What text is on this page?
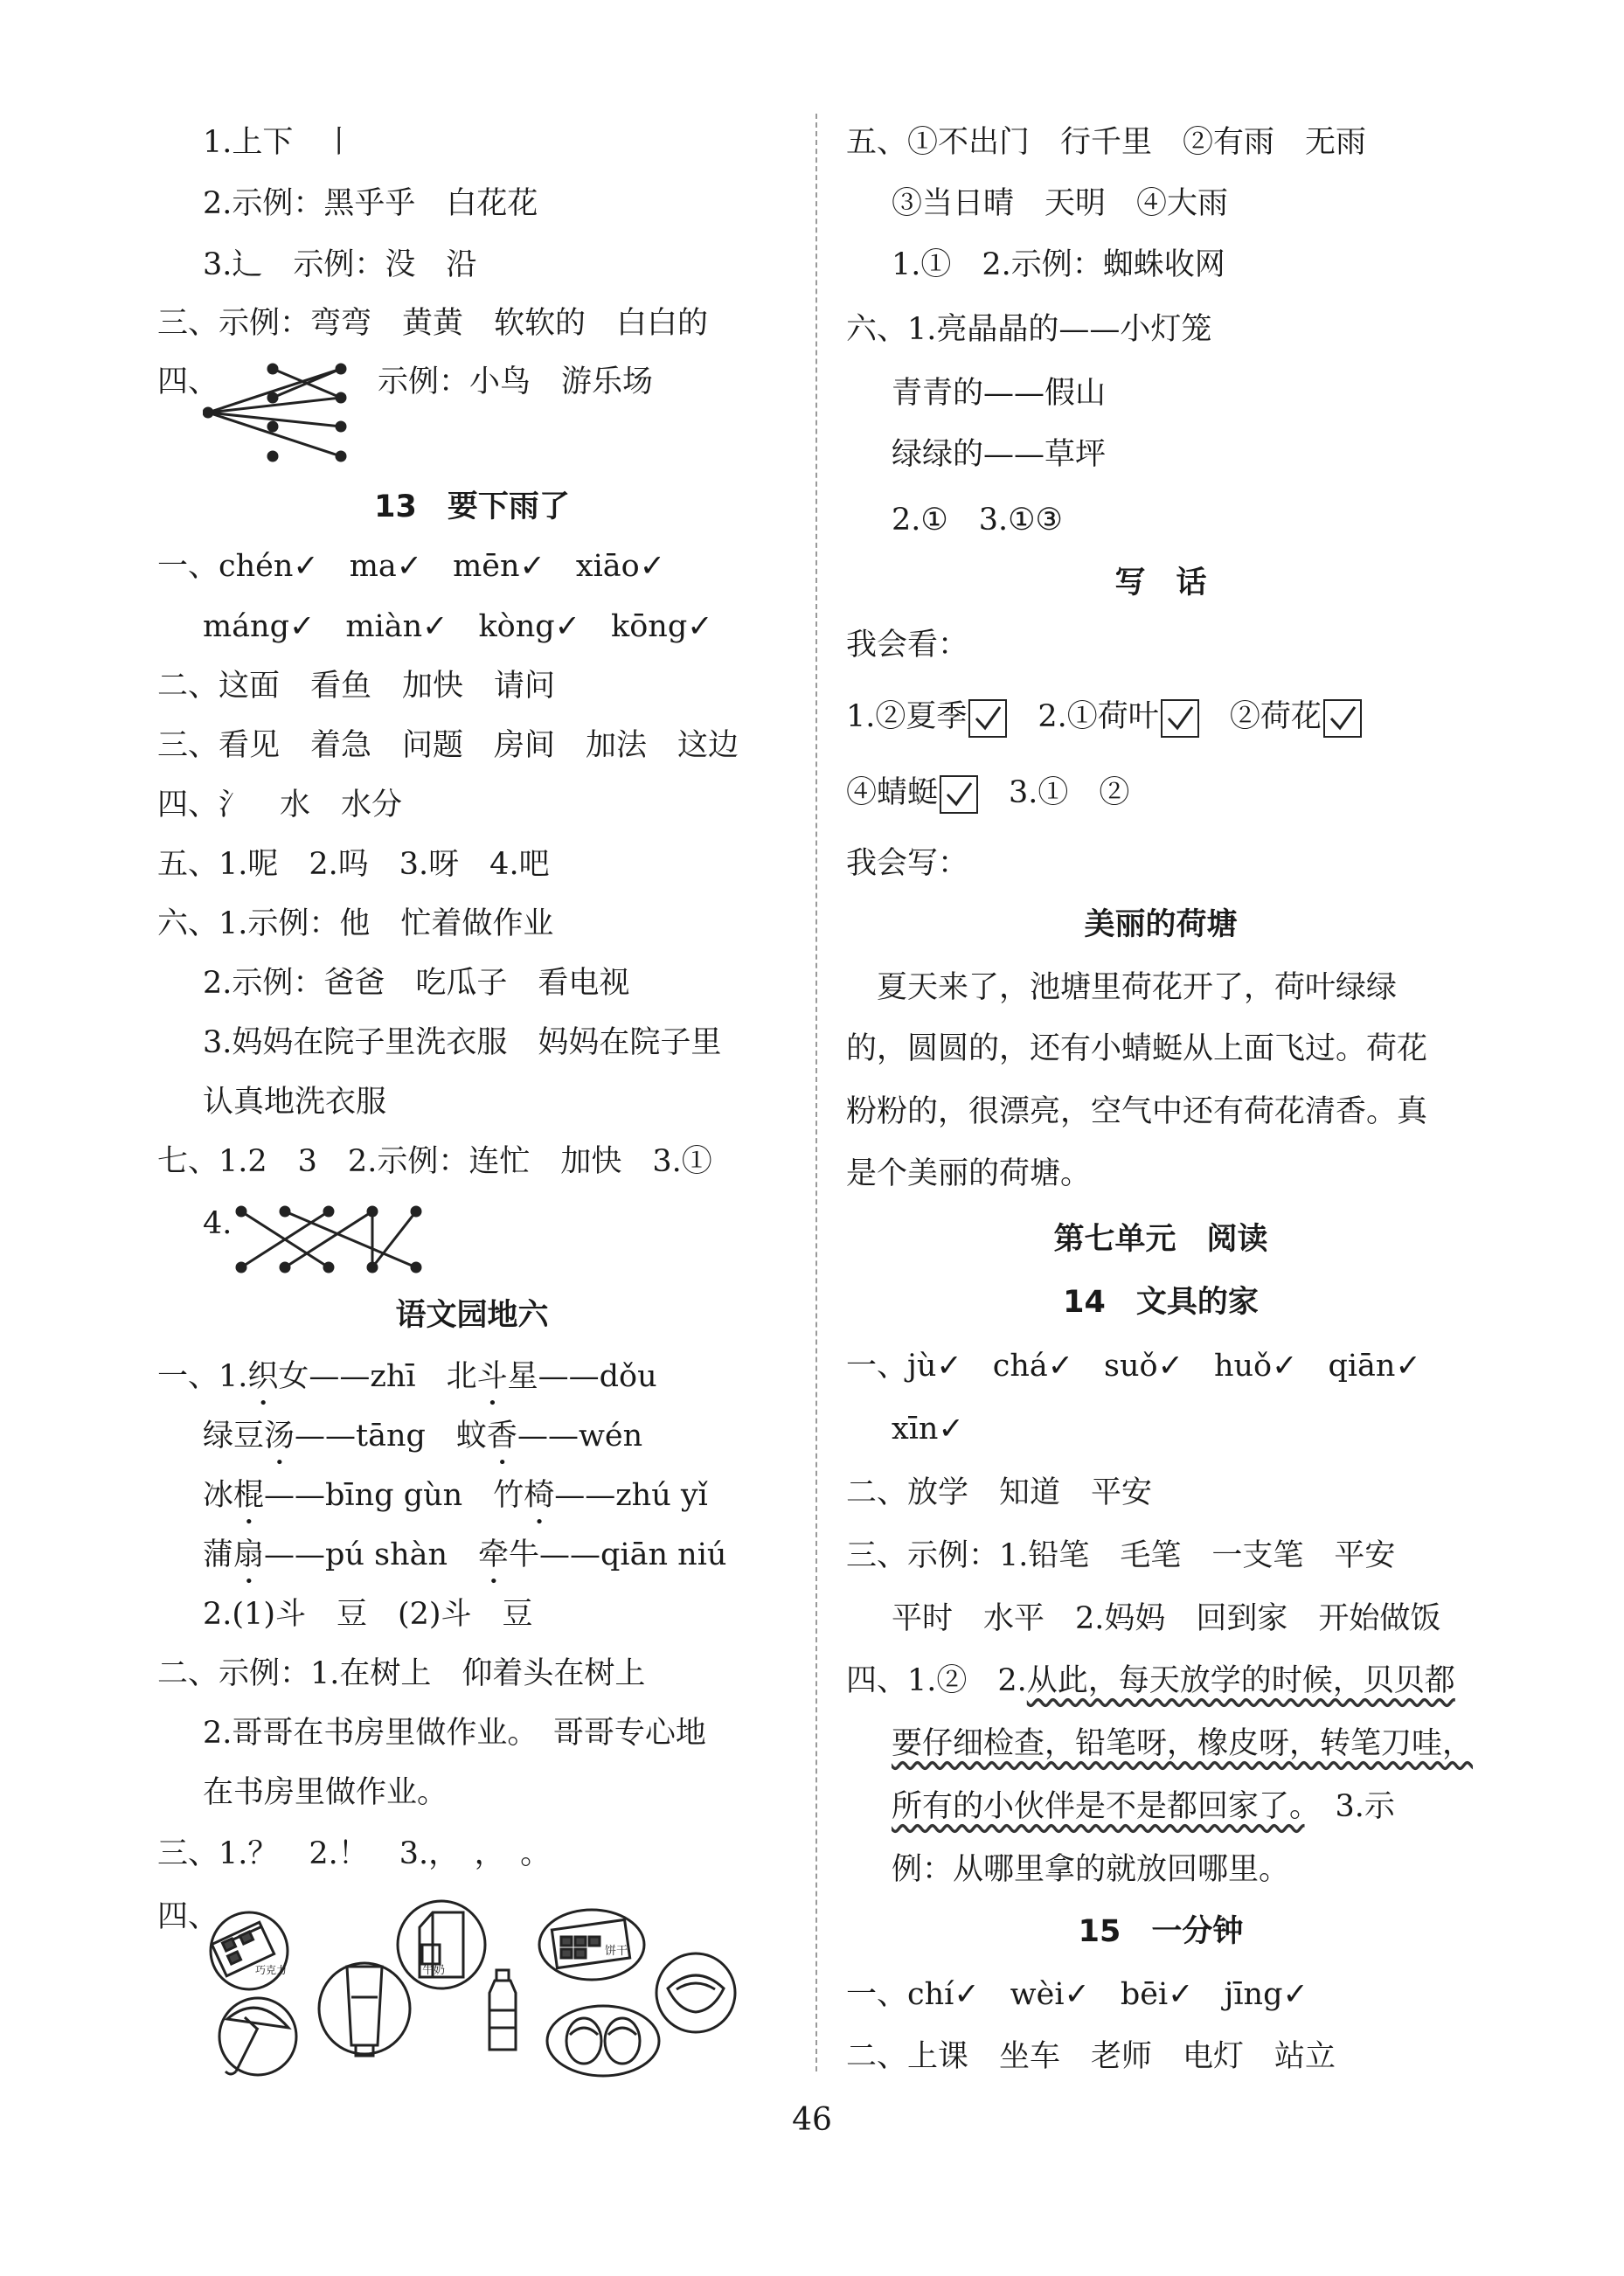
1.上下　丨
2.示例：黑乎乎　白花花
3.⻌　示例：没　沿
三、示例：弯弯　黄黄　软软的　白白的
四、	示例：小鸟　游乐场
13　要下雨了
一、chén✓　ma✓　mēn✓　xiāo✓
máng✓　miàn✓　kòng✓　kōng✓
二、这面　看鱼　加快　请问
三、看见　着急　问题　房间　加法　这边
四、氵　水　水分
五、1.呢　2.吗　3.呀　4.吧
六、1.示例：他　忙着做作业
2.示例：爸爸　吃瓜子　看电视
3.妈妈在院子里洗衣服　妈妈在院子里
认真地洗衣服
七、1.2　3　2.示例：连忙　加快　3.①
4.
语文园地六
一、1.织女——zhī　北斗星——dǒu
绿豆汤——tāng　蚊香——wén
冰棍——bīng gùn　竹椅——zhú yǐ
蒲扇——pú shàn　牵牛——qiān niú
2.(1)斗　豆　(2)斗　豆
二、示例：1.在树上　仰着头在树上
2.哥哥在书房里做作业。　哥哥专心地
在书房里做作业。
三、1.？　2.！　3.，　，　。
四、
巧克力	牛奶
饼干
五、①不出门　行千里　②有雨　无雨
③当日晴　天明　④大雨
1.①　2.示例：蜘蛛收网
六、1.亮晶晶的——小灯笼
青青的——假山
绿绿的——草坪
2.①　3.①③
写　话
我会看：
1.②夏季
　2.①荷叶
　②荷花
④蜻蜓
　3.①　②
我会写：
美丽的荷塘
　夏天来了，池塘里荷花开了，荷叶绿绿
的，圆圆的，还有小蜻蜓从上面飞过。荷花
粉粉的，很漂亮，空气中还有荷花清香。真
是个美丽的荷塘。
第七单元　阅读
14　文具的家
一、jù✓　chá✓　suǒ✓　huǒ✓　qiān✓
xīn✓
二、放学　知道　平安
三、示例：1.铅笔　毛笔　一支笔　平安
平时　水平　2.妈妈　回到家　开始做饭
四、1.②　2.从此，每天放学的时候，贝贝都
要仔细检查，铅笔呀，橡皮呀，转笔刀哇，
所有的小伙伴是不是都回家了。　3.示
例：从哪里拿的就放回哪里。
15　一分钟
一、chí✓　wèi✓　bēi✓　jīng✓
二、上课　坐车　老师　电灯　站立
46
